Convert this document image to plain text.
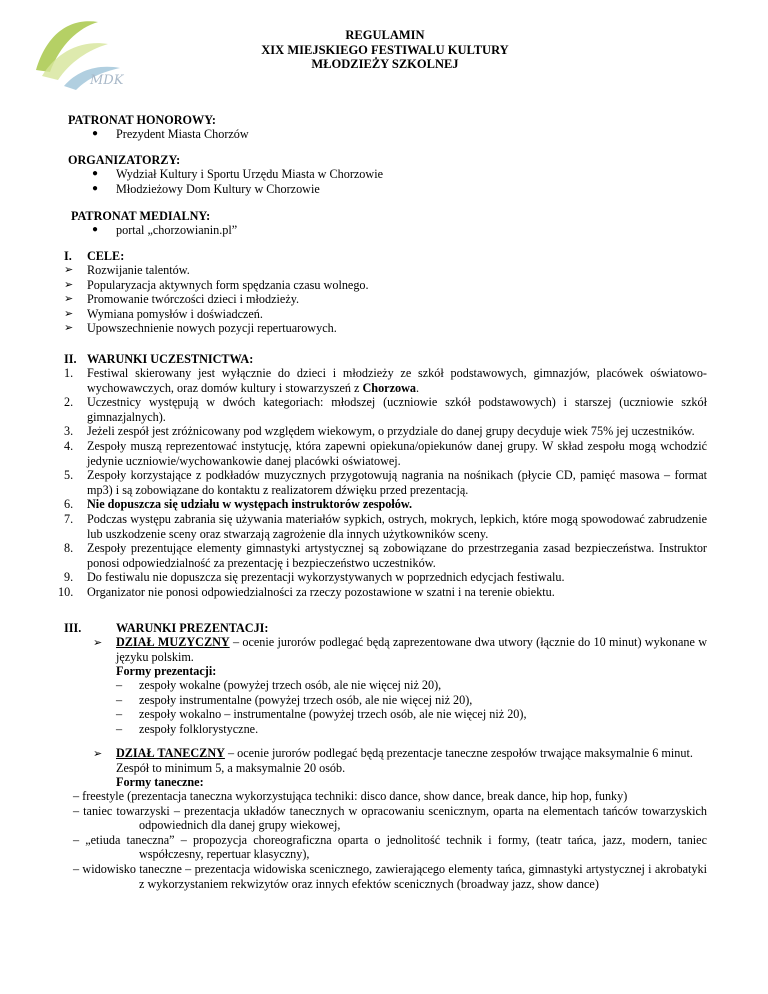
MDK
REGULAMIN
XIX MIEJSKIEGO FESTIWALU KULTURY
MŁODZIEŻY SZKOLNEJ
PATRONAT HONOROWY:
● Prezydent Miasta Chorzów
ORGANIZATORZY:
● Wydział Kultury i Sportu Urzędu Miasta w Chorzowie
● Młodzieżowy Dom Kultury w Chorzowie
PATRONAT MEDIALNY:
● portal „chorzowianin.pl”
I. CELE:
➢ Rozwijanie talentów.
➢ Popularyzacja aktywnych form spędzania czasu wolnego.
➢ Promowanie twórczości dzieci i młodzieży.
➢ Wymiana pomysłów i doświadczeń.
➢ Upowszechnienie nowych pozycji repertuarowych.
II. WARUNKI UCZESTNICTWA:
1. Festiwal skierowany jest wyłącznie do dzieci i młodzieży ze szkół podstawowych, gimnazjów, placówek oświatowo-wychowawczych, oraz domów kultury i stowarzyszeń z Chorzowa.
2. Uczestnicy występują w dwóch kategoriach: młodszej (uczniowie szkół podstawowych) i starszej (uczniowie szkół gimnazjalnych).
3. Jeżeli zespół jest zróżnicowany pod względem wiekowym, o przydziale do danej grupy decyduje wiek 75% jej uczestników.
4. Zespoły muszą reprezentować instytucję, która zapewni opiekuna/opiekunów danej grupy. W skład zespołu mogą wchodzić jedynie uczniowie/wychowankowie danej placówki oświatowej.
5. Zespoły korzystające z podkładów muzycznych przygotowują nagrania na nośnikach (płycie CD, pamięć masowa – format mp3) i są zobowiązane do kontaktu z realizatorem dźwięku przed prezentacją.
6. Nie dopuszcza się udziału w występach instruktorów zespołów.
7. Podczas występu zabrania się używania materiałów sypkich, ostrych, mokrych, lepkich, które mogą spowodować zabrudzenie lub uszkodzenie sceny oraz stwarzają zagrożenie dla innych użytkowników sceny.
8. Zespoły prezentujące elementy gimnastyki artystycznej są zobowiązane do przestrzegania zasad bezpieczeństwa. Instruktor ponosi odpowiedzialność za prezentację i bezpieczeństwo uczestników.
9. Do festiwalu nie dopuszcza się prezentacji wykorzystywanych w poprzednich edycjach festiwalu.
10. Organizator nie ponosi odpowiedzialności za rzeczy pozostawione w szatni i na terenie obiektu.
III.	WARUNKI PREZENTACJI:
➢ DZIAŁ MUZYCZNY – ocenie jurorów podlegać będą zaprezentowane dwa utwory (łącznie do 10 minut) wykonane w języku polskim.
Formy prezentacji:
– zespoły wokalne (powyżej trzech osób, ale nie więcej niż 20),
– zespoły instrumentalne (powyżej trzech osób, ale nie więcej niż 20),
– zespoły wokalno – instrumentalne (powyżej trzech osób, ale nie więcej niż 20),
– zespoły folklorystyczne.
➢ DZIAŁ TANECZNY – ocenie jurorów podlegać będą prezentacje taneczne zespołów trwające maksymalnie 6 minut. Zespół to minimum 5, a maksymalnie 20 osób.
Formy taneczne:
– freestyle (prezentacja taneczna wykorzystująca techniki: disco dance, show dance, break dance, hip hop, funky)
– taniec towarzyski – prezentacja układów tanecznych w opracowaniu scenicznym, oparta na elementach tańców towarzyskich odpowiednich dla danej grupy wiekowej,
– „etiuda taneczna” – propozycja choreograficzna oparta o jednolitość technik i formy, (teatr tańca, jazz, modern, taniec współczesny, repertuar klasyczny),
– widowisko taneczne – prezentacja widowiska scenicznego, zawierającego elementy tańca, gimnastyki artystycznej i akrobatyki z wykorzystaniem rekwizytów oraz innych efektów scenicznych (broadway jazz, show dance)
